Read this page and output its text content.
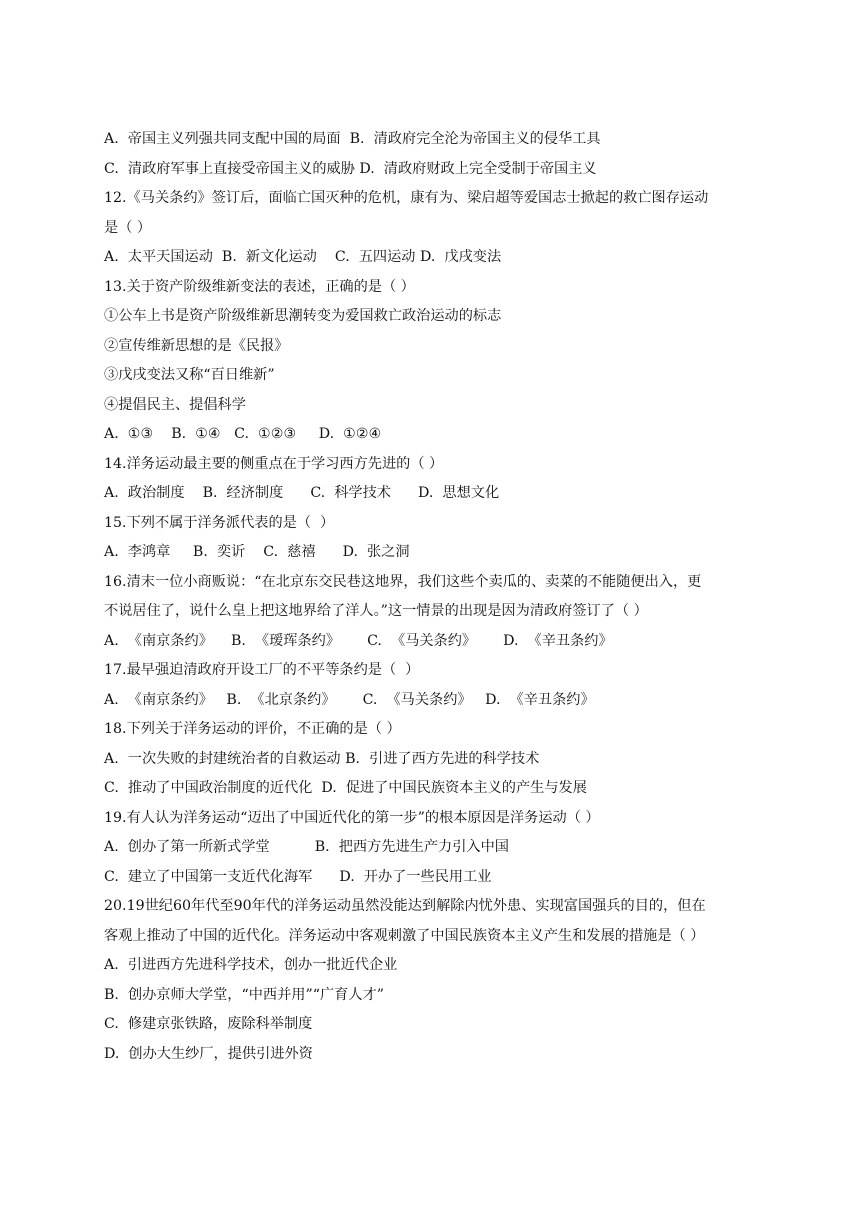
A.  帝国主义列强共同支配中国的局面  B.  清政府完全沦为帝国主义的侵华工具
C.  清政府军事上直接受帝国主义的威胁 D.  清政府财政上完全受制于帝国主义
12.《马关条约》签订后，面临亡国灭种的危机，康有为、梁启超等爱国志士掀起的救亡图存运动
是（ ）
A.  太平天国运动  B.  新文化运动    C.  五四运动 D.  戊戌变法
13.关于资产阶级维新变法的表述，正确的是（ ）
①公车上书是资产阶级维新思潮转变为爱国救亡政治运动的标志
②宣传维新思想的是《民报》
③戊戌变法又称“百日维新”
④提倡民主、提倡科学
A.  ①③    B.  ①④   C.  ①②③     D.  ①②④
14.洋务运动最主要的侧重点在于学习西方先进的（ ）
A.  政治制度    B.  经济制度      C.  科学技术      D.  思想文化
15.下列不属于洋务派代表的是（  ）
A.  李鸿章     B.  奕䜣    C.  慈禧      D.  张之洞
16.清末一位小商贩说：“在北京东交民巷这地界，我们这些个卖瓜的、卖菜的不能随便出入，更
不说居住了，说什么皇上把这地界给了洋人。”这一情景的出现是因为清政府签订了（ ）
A.  《南京条约》    B.  《瑷珲条约》      C.  《马关条约》      D.  《辛丑条约》
17.最早强迫清政府开设工厂的不平等条约是（  ）
A.  《南京条约》   B.  《北京条约》      C.  《马关条约》   D.  《辛丑条约》
18.下列关于洋务运动的评价，不正确的是（ ）
A.  一次失败的封建统治者的自救运动 B.  引进了西方先进的科学技术
C.  推动了中国政治制度的近代化  D.  促进了中国民族资本主义的产生与发展
19.有人认为洋务运动“迈出了中国近代化的第一步”的根本原因是洋务运动（ ）
A.  创办了第一所新式学堂          B.  把西方先进生产力引入中国
C.  建立了中国第一支近代化海军      D.  开办了一些民用工业
20.19世纪60年代至90年代的洋务运动虽然没能达到解除内忧外患、实现富国强兵的目的，但在
客观上推动了中国的近代化。洋务运动中客观刺激了中国民族资本主义产生和发展的措施是（ ）
A.  引进西方先进科学技术，创办一批近代企业
B.  创办京师大学堂，“中西并用”“广育人才”
C.  修建京张铁路，废除科举制度
D.  创办大生纱厂，提供引进外资
